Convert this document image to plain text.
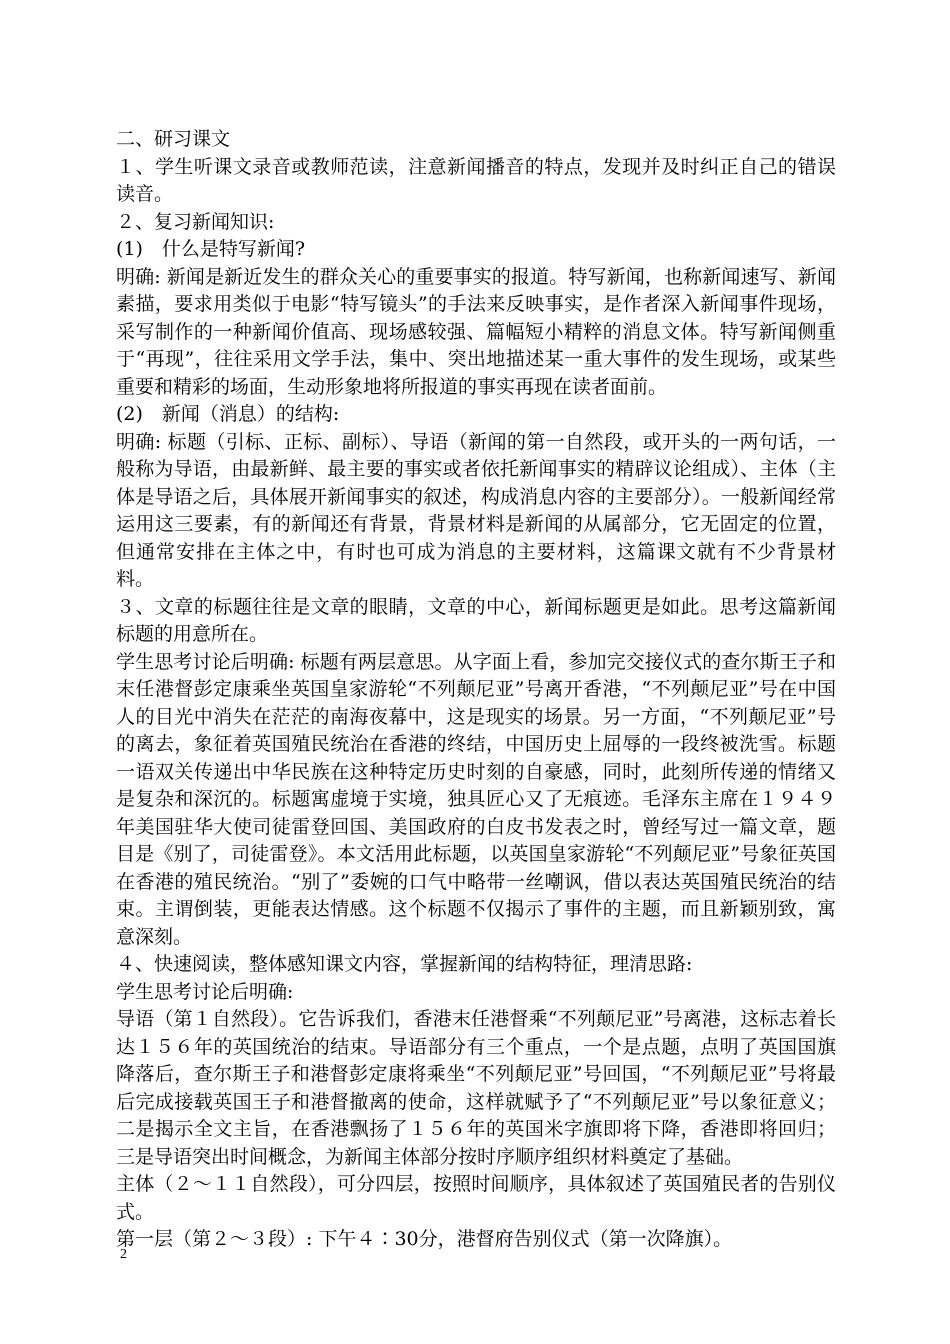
二、研习课文

１、学生听课文录音或教师范读，注意新闻播音的特点，发现并及时纠正自己的错误读音。

２、复习新闻知识:

(1)　什么是特写新闻?

明确: 新闻是新近发生的群众关心的重要事实的报道。特写新闻，也称新闻速写、新闻素描，要求用类似于电影“特写镜头”的手法来反映事实，是作者深入新闻事件现场，采写制作的一种新闻价值高、现场感较强、篇幅短小精粹的消息文体。特写新闻侧重于“再现”，往往采用文学手法，集中、突出地描述某一重大事件的发生现场，或某些重要和精彩的场面，生动形象地将所报道的事实再现在读者面前。

(2)　新闻（消息）的结构:

明确: 标题（引标、正标、副标）、导语（新闻的第一自然段，或开头的一两句话，一般称为导语，由最新鲜、最主要的事实或者依托新闻事实的精辟议论组成）、主体（主体是导语之后，具体展开新闻事实的叙述，构成消息内容的主要部分）。一般新闻经常运用这三要素，有的新闻还有背景，背景材料是新闻的从属部分，它无固定的位置，但通常安排在主体之中，有时也可成为消息的主要材料，这篇课文就有不少背景材料。

３、文章的标题往往是文章的眼睛，文章的中心，新闻标题更是如此。思考这篇新闻标题的用意所在。

学生思考讨论后明确: 标题有两层意思。从字面上看，参加完交接仪式的查尔斯王子和末任港督彭定康乘坐英国皇家游轮“不列颠尼亚”号离开香港，“不列颠尼亚”号在中国人的目光中消失在茫茫的南海夜幕中，这是现实的场景。另一方面，“不列颠尼亚”号的离去，象征着英国殖民统治在香港的终结，中国历史上屈辱的一段终被洗雪。标题一语双关传递出中华民族在这种特定历史时刻的自豪感，同时，此刻所传递的情绪又是复杂和深沉的。标题寓虚境于实境，独具匠心又了无痕迹。毛泽东主席在１９４９年美国驻华大使司徒雷登回国、美国政府的白皮书发表之时，曾经写过一篇文章，题目是《别了，司徒雷登》。本文活用此标题，以英国皇家游轮“不列颠尼亚”号象征英国在香港的殖民统治。“别了”委婉的口气中略带一丝嘲讽，借以表达英国殖民统治的结束。主谓倒装，更能表达情感。这个标题不仅揭示了事件的主题，而且新颖别致，寓意深刻。

４、快速阅读，整体感知课文内容，掌握新闻的结构特征，理清思路:

学生思考讨论后明确:

导语（第１自然段）。它告诉我们，香港末任港督乘“不列颠尼亚”号离港，这标志着长达１５６年的英国统治的结束。导语部分有三个重点，一个是点题，点明了英国国旗降落后，查尔斯王子和港督彭定康将乘坐“不列颠尼亚”号回国，“不列颠尼亚”号将最后完成接载英国王子和港督撤离的使命，这样就赋予了“不列颠尼亚”号以象征意义；二是揭示全文主旨，在香港飘扬了１５６年的英国米字旗即将下降，香港即将回归；三是导语突出时间概念，为新闻主体部分按时序顺序组织材料奠定了基础。

主体（２～１１自然段），可分四层，按照时间顺序，具体叙述了英国殖民者的告别仪式。

第一层（第２～３段）: 下午４∶30分，港督府告别仪式（第一次降旗）。

2
